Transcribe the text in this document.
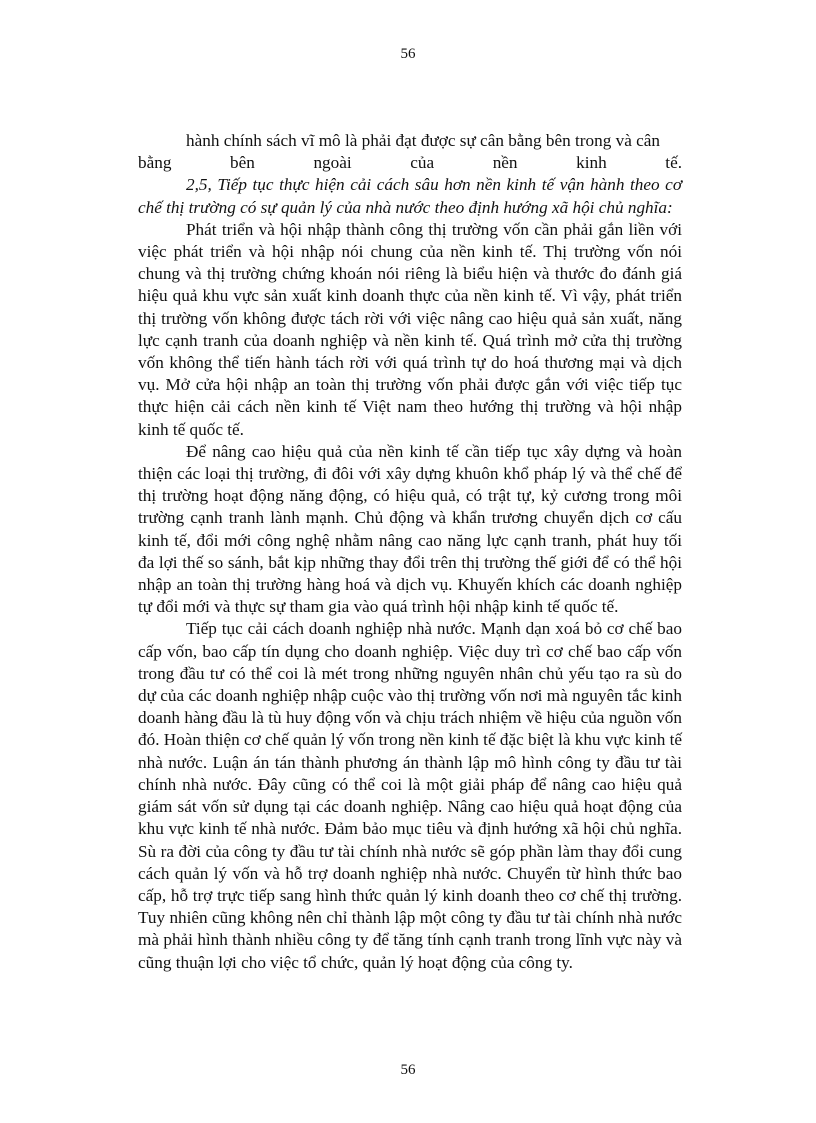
56

hành chính sách vĩ mô là phải đạt được sự cân bằng bên trong và cân

bằng bên ngoài của nền kinh tế.

2,5, Tiếp tục thực hiện cải cách sâu hơn nền kinh tế vận hành theo cơ chế thị trường có sự quản lý của nhà nước theo định hướng xã hội chủ nghĩa:

Phát triển và hội nhập thành công thị trường vốn cần phải gắn liền với việc phát triển và hội nhập nói chung của nền kinh tế. Thị trường vốn nói chung và thị trường chứng khoán nói riêng là biểu hiện và thước đo đánh giá hiệu quả khu vực sản xuất kinh doanh thực của nền kinh tế. Vì vậy, phát triển thị trường vốn không được tách rời với việc nâng cao hiệu quả sản xuất, năng lực cạnh tranh của doanh nghiệp và nền kinh tế. Quá trình mở cửa thị trường vốn không thể tiến hành tách rời với quá trình tự do hoá thương mại và dịch vụ. Mở cửa hội nhập an toàn thị trường vốn phải được gắn với việc tiếp tục thực hiện cải cách nền kinh tế Việt nam theo hướng thị trường và hội nhập kinh tế quốc tế.

Để nâng cao hiệu quả của nền kinh tế cần tiếp tục xây dựng và hoàn thiện các loại thị trường, đi đôi với xây dựng khuôn khổ pháp lý và thể chế để thị trường hoạt động năng động, có hiệu quả, có trật tự, kỷ cương trong môi trường cạnh tranh lành mạnh. Chủ động và khẩn trương chuyển dịch cơ cấu kinh tế, đổi mới công nghệ nhằm nâng cao năng lực cạnh tranh, phát huy tối đa lợi thế so sánh, bắt kịp những thay đổi trên thị trường thế giới để có thể hội nhập an toàn thị trường hàng hoá và dịch vụ. Khuyến khích các doanh nghiệp tự đổi mới và thực sự tham gia vào quá trình hội nhập kinh tế quốc tế.

Tiếp tục cải cách doanh nghiệp nhà nước. Mạnh dạn xoá bỏ cơ chế bao cấp vốn, bao cấp tín dụng cho doanh nghiệp. Việc duy trì cơ chế bao cấp vốn trong đầu tư có thể coi là mét trong những nguyên nhân chủ yếu tạo ra sù do dự của các doanh nghiệp nhập cuộc vào thị trường vốn nơi mà nguyên tắc kinh doanh hàng đầu là tù huy động vốn và chịu trách nhiệm về hiệu của nguồn vốn đó. Hoàn thiện cơ chế quản lý vốn trong nền kinh tế đặc biệt là khu vực kinh tế nhà nước. Luận án tán thành phương án thành lập mô hình công ty đầu tư tài chính nhà nước. Đây cũng có thể coi là một giải pháp để nâng cao hiệu quả giám sát vốn sử dụng tại các doanh nghiệp. Nâng cao hiệu quả hoạt động của khu vực kinh tế nhà nước. Đảm bảo mục tiêu và định hướng xã hội chủ nghĩa. Sù ra đời của công ty đầu tư tài chính nhà nước sẽ góp phần làm thay đổi cung cách quản lý vốn và hỗ trợ doanh nghiệp nhà nước. Chuyển từ hình thức bao cấp, hỗ trợ trực tiếp sang hình thức quản lý kinh doanh theo cơ chế thị trường. Tuy nhiên cũng không nên chỉ thành lập một công ty đầu tư tài chính nhà nước mà phải hình thành nhiều công ty để tăng tính cạnh tranh trong lĩnh vực này và cũng thuận lợi cho việc tổ chức, quản lý hoạt động của công ty.

56
